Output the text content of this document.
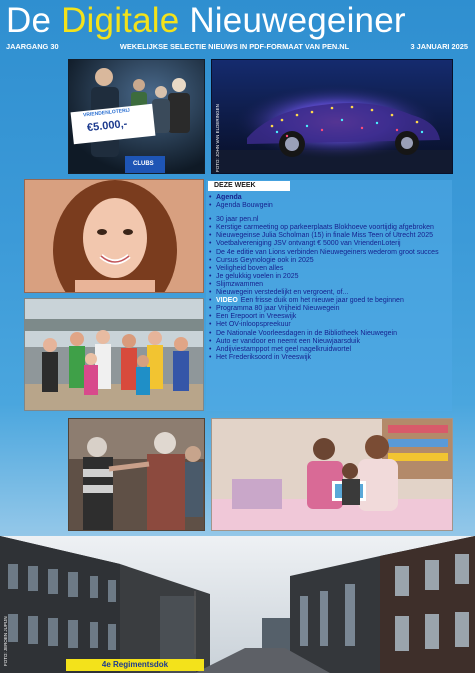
De Digitale Nieuwegeiner
JAARGANG 30	WEKELIJKSE SELECTIE NIEUWS IN PDF-FORMAAT VAN PEN.NL	3 JANUARI 2025
VRIENDENLOTERIJ
€5.000,-
CLUBS	FOTO: JOHN VAN ELDERINGEN
DEZE WEEK
• Agenda
• Agenda Bouwgein
• 30 jaar pen.nl
• Kerstige carmeeting op parkeerplaats Blokhoeve voortijdig afgebroken
• Nieuwegeinse Julia Scholman (15) in finale Miss Teen of Utrecht 2025
• Voetbalvereniging JSV ontvangt € 5000 van VriendenLoterij
• De 4e editie van Lions verbinden Nieuwegeiners wederom groot succes
• Cursus Geynologie ook in 2025
• Veiligheid boven alles
• Je gelukkig voelen in 2025
• Slijmzwammen
• Nieuwegein verstedelijkt en vergroent, of...
• VIDEO Een frisse duik om het nieuwe jaar goed te beginnen
• Programma 80 jaar Vrijheid Nieuwegein
• Een Erepoort in Vreeswijk
• Het OV-inloopspreekuur
• De Nationale Voorleesdagen in de Bibliotheek Nieuwegein
• Auto er vandoor en neemt een Nieuwjaarsduik
• Andijviestamppot met geel nagelkruidwortel
• Het Frederiksoord in Vreeswijk
FOTO: JEROEN JUPIJN	4e Regimentsdok
